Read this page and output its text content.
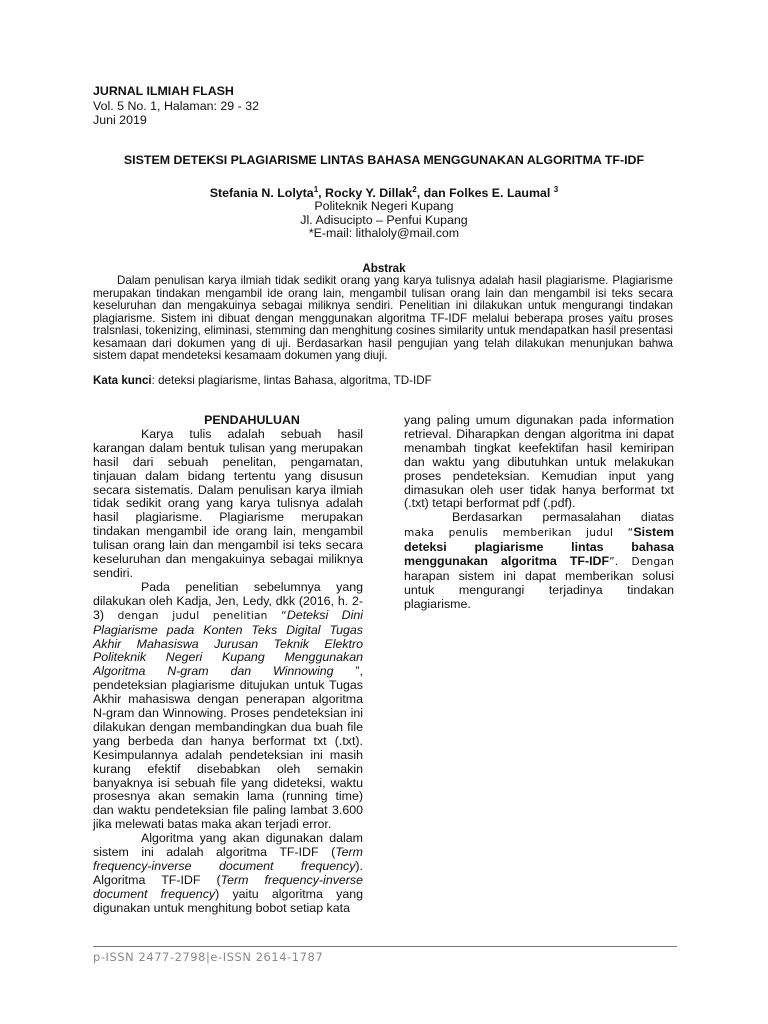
JURNAL ILMIAH FLASH
Vol. 5 No. 1, Halaman: 29 - 32
Juni 2019
SISTEM DETEKSI PLAGIARISME LINTAS BAHASA MENGGUNAKAN ALGORITMA TF-IDF
Stefania N. Lolyta$^1$, Rocky Y. Dillak$^2$, dan Folkes E. Laumal $^3$
Politeknik Negeri Kupang
Jl. Adisucipto – Penfui Kupang
*E-mail: lithaloly@mail.com
Abstrak

Dalam penulisan karya ilmiah tidak sedikit orang yang karya tulisnya adalah hasil plagiarisme. Plagiarisme merupakan tindakan mengambil ide orang lain, mengambil tulisan orang lain dan mengambil isi teks secara keseluruhan dan mengakuinya sebagai miliknya sendiri. Penelitian ini dilakukan untuk mengurangi tindakan plagiarisme. Sistem ini dibuat dengan menggunakan algoritma TF-IDF melalui beberapa proses yaitu proses tralsnlasi, tokenizing, eliminasi, stemming dan menghitung cosines similarity untuk mendapatkan hasil presentasi kesamaan dari dokumen yang di uji. Berdasarkan hasil pengujian yang telah dilakukan menunjukan bahwa sistem dapat mendeteksi kesamaam dokumen yang diuji.

Kata kunci: deteksi plagiarisme, lintas Bahasa, algoritma, TD-IDF

PENDAHULUAN

Karya tulis adalah sebuah hasil karangan dalam bentuk tulisan yang merupakan hasil dari sebuah penelitan, pengamatan, tinjauan dalam bidang tertentu yang disusun secara sistematis. Dalam penulisan karya ilmiah tidak sedikit orang yang karya tulisnya adalah hasil plagiarisme. Plagiarisme merupakan tindakan mengambil ide orang lain, mengambil tulisan orang lain dan mengambil isi teks secara keseluruhan dan mengakuinya sebagai miliknya sendiri.

Pada penelitian sebelumnya yang dilakukan oleh Kadja, Jen, Ledy, dkk (2016, h. 2-3) dengan judul penelitian “Deteksi Dini Plagiarisme pada Konten Teks Digital Tugas Akhir Mahasiswa Jurusan Teknik Elektro Politeknik Negeri Kupang Menggunakan Algoritma N-gram dan Winnowing ”, pendeteksian plagiarisme ditujukan untuk Tugas Akhir mahasiswa dengan penerapan algoritma N-gram dan Winnowing. Proses pendeteksian ini dilakukan dengan membandingkan dua buah file yang berbeda dan hanya berformat txt (.txt). Kesimpulannya adalah pendeteksian ini masih kurang efektif disebabkan oleh semakin banyaknya isi sebuah file yang dideteksi, waktu prosesnya akan semakin lama (running time) dan waktu pendeteksian file paling lambat 3.600 jika melewati batas maka akan terjadi error.

Algoritma yang akan digunakan dalam sistem ini adalah algoritma TF-IDF (Term frequency-inverse document frequency). Algoritma TF-IDF (Term frequency-inverse document frequency) yaitu algoritma yang digunakan untuk menghitung bobot setiap kata

yang paling umum digunakan pada information retrieval. Diharapkan dengan algoritma ini dapat menambah tingkat keefektifan hasil kemiripan dan waktu yang dibutuhkan untuk melakukan proses pendeteksian. Kemudian input yang dimasukan oleh user tidak hanya berformat txt (.txt) tetapi berformat pdf (.pdf).

Berdasarkan permasalahan diatas maka penulis memberikan judul “Sistem deteksi plagiarisme lintas bahasa menggunakan algoritma TF-IDF”. Dengan harapan sistem ini dapat memberikan solusi untuk mengurangi terjadinya tindakan plagiarisme.

p-ISSN 2477-2798|e-ISSN 2614-1787
